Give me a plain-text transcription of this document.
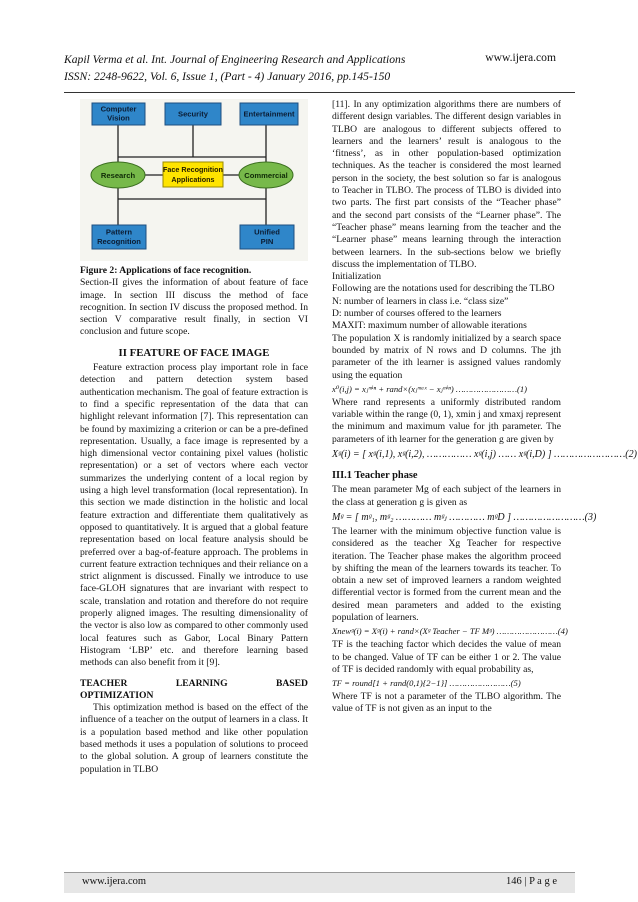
Kapil Verma et al. Int. Journal of Engineering Research and Applications
ISSN: 2248-9622, Vol. 6, Issue 1, (Part - 4) January 2016, pp.145-150
www.ijera.com
Computer
Vision	Security	Entertainment
Research
Face Recognition
Applications	Commercial
Pattern
Recognition
Unified
PIN
Figure 2: Applications of face recognition.

Section-II gives the information of about feature of face image. In section III discuss the method of face recognition. In section IV discuss the proposed method. In section V comparative result finally, in section VI conclusion and future scope.

II FEATURE OF FACE IMAGE

Feature extraction process play important role in face detection and pattern detection system based authentication mechanism. The goal of feature extraction is to find a specific representation of the data that can highlight relevant information [7]. This representation can be found by maximizing a criterion or can be a pre-defined representation. Usually, a face image is represented by a high dimensional vector containing pixel values (holistic representation) or a set of vectors where each vector summarizes the underlying content of a local region by using a high level transformation (local representation). In this section we made distinction in the holistic and local feature extraction and differentiate them qualitatively as opposed to quantitatively. It is argued that a global feature representation based on local feature analysis should be preferred over a bag-of-feature approach. The problems in current feature extraction techniques and their reliance on a strict alignment is discussed. Finally we introduce to use face-GLOH signatures that are invariant with respect to scale, translation and rotation and therefore do not require properly aligned images. The resulting dimensionality of the vector is also low as compared to other commonly used local features such as Gabor, Local Binary Pattern Histogram ‘LBP’ etc. and therefore learning based methods can also benefit from it [9].

TEACHER	LEARNING	BASED
OPTIMIZATION

This optimization method is based on the effect of the influence of a teacher on the output of learners in a class. It is a population based method and like other population based methods it uses a population of solutions to proceed to the global solution. A group of learners constitute the population in TLBO

[11]. In any optimization algorithms there are numbers of different design variables. The different design variables in TLBO are analogous to different subjects offered to learners and the learners’ result is analogous to the ‘fitness’, as in other population-based optimization techniques. As the teacher is considered the most learned person in the society, the best solution so far is analogous to Teacher in TLBO. The process of TLBO is divided into two parts. The first part consists of the “Teacher phase” and the second part consists of the “Learner phase”. The “Teacher phase” means learning from the teacher and the “Learner phase” means learning through the interaction between learners. In the sub-sections below we briefly discuss the implementation of TLBO.

Initialization

Following are the notations used for describing the TLBO

N: number of learners in class i.e. “class size”

D: number of courses offered to the learners

MAXIT: maximum number of allowable iterations

The population X is randomly initialized by a search space bounded by matrix of N rows and D columns. The jth parameter of the ith learner is assigned values randomly using the equation

x⁰(i,j) = xⱼᵐⁱⁿ + rand×(xⱼᵐᵃˣ − xⱼᵐⁱⁿ) ……………………(1)

Where rand represents a uniformly distributed random variable within the range (0, 1), xmin j and xmaxj represent the minimum and maximum value for jth parameter. The parameters of ith learner for the generation g are given by

Xᵍ(i) = [ xᵍ(i,1), xᵍ(i,2), …………… xᵍ(i,j) …… xᵍ(i,D) ] ……………………(2)
III.1 Teacher phase

The mean parameter Mg of each subject of the learners in the class at generation g is given as

Mᵍ = [ mᵍ₁, mᵍ₂ ………… mᵍⱼ ………… mᵍD ] ……………………(3)

The learner with the minimum objective function value is considered as the teacher Xg Teacher for respective iteration. The Teacher phase makes the algorithm proceed by shifting the mean of the learners towards its teacher. To obtain a new set of improved learners a random weighted differential vector is formed from the current mean and the desired mean parameters and added to the existing population of learners.

Xnewᵍ(i) = Xᵍ(i) + rand×(Xᵍ Teacher − TF Mᵍ) ……………………(4)

TF is the teaching factor which decides the value of mean to be changed. Value of TF can be either 1 or 2. The value of TF is decided randomly with equal probability as,

TF = round[1 + rand(0,1){2−1}] ……………………(5)

Where TF is not a parameter of the TLBO algorithm. The value of TF is not given as an input to the

www.ijera.com	146 | P a g e
